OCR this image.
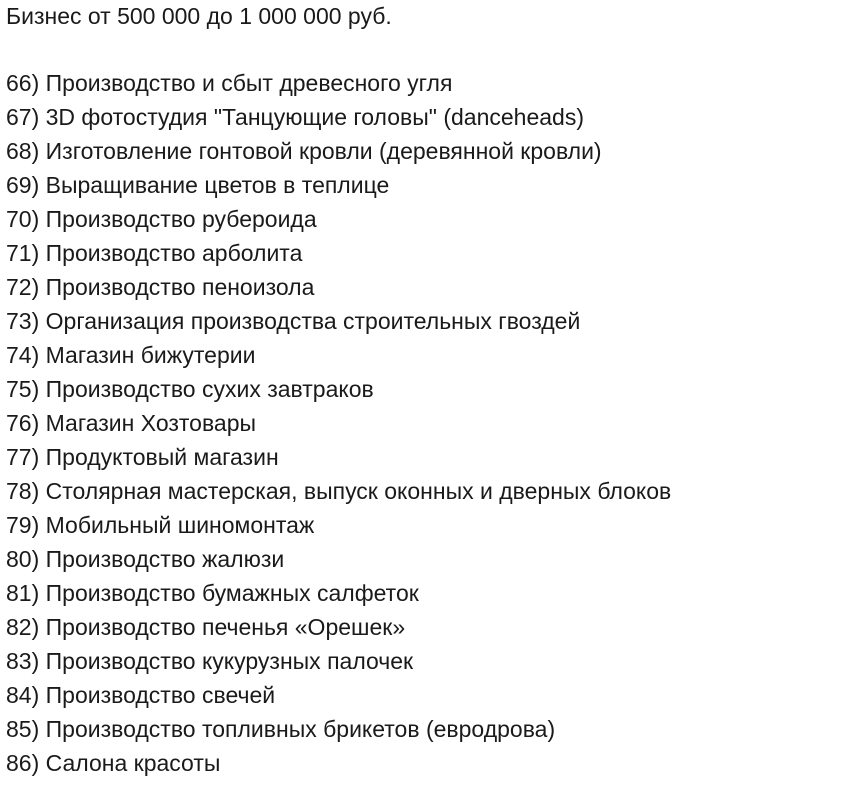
Бизнес от 500 000 до 1 000 000 руб.
66) Производство и сбыт древесного угля
67) 3D фотостудия "Танцующие головы" (danceheads)
68) Изготовление гонтовой кровли (деревянной кровли)
69) Выращивание цветов в теплице
70) Производство рубероида
71) Производство арболита
72) Производство пеноизола
73) Организация производства строительных гвоздей
74) Магазин бижутерии
75) Производство сухих завтраков
76) Магазин Хозтовары
77) Продуктовый магазин
78) Столярная мастерская, выпуск оконных и дверных блоков
79) Мобильный шиномонтаж
80) Производство жалюзи
81) Производство бумажных салфеток
82) Производство печенья «Орешек»
83) Производство кукурузных палочек
84) Производство свечей
85) Производство топливных брикетов (евродрова)
86) Салона красоты
